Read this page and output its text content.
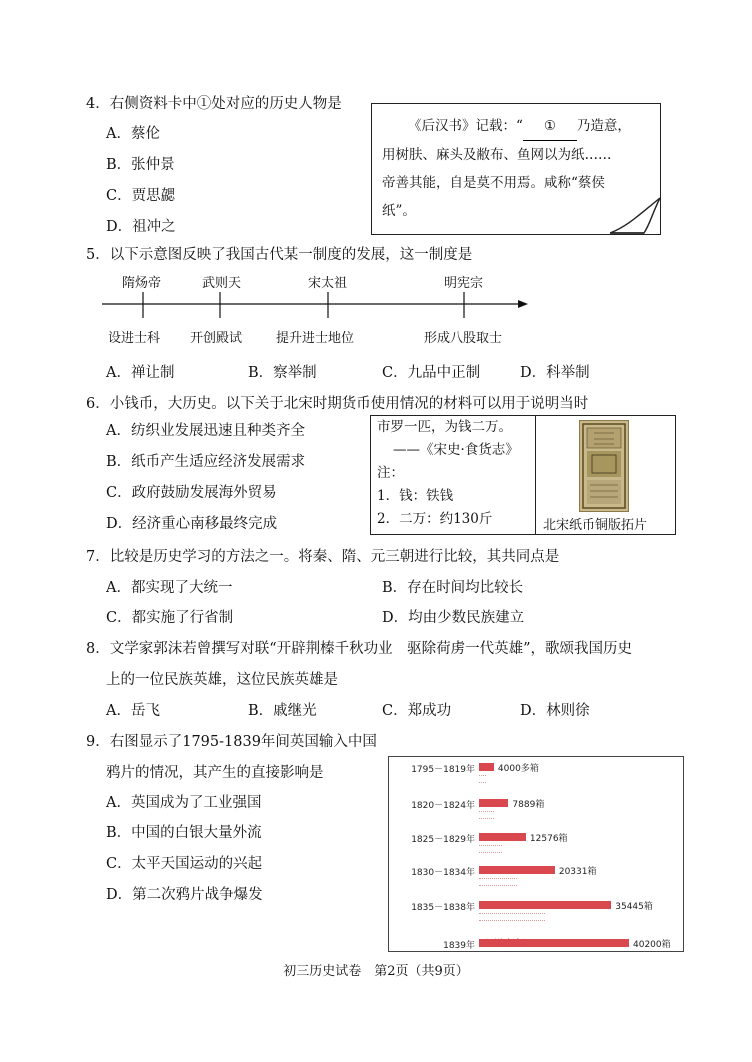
4．右侧资料卡中①处对应的历史人物是
A．蔡伦
B．张仲景
C．贾思勰
D．祖冲之

《后汉书》记载：“ ① 乃造意，

用树肤、麻头及敝布、鱼网以为纸……

帝善其能，自是莫不用焉。咸称“蔡侯

纸”。

5．以下示意图反映了我国古代某一制度的发展，这一制度是
隋炀帝	武则天	宋太祖	明宪宗
设进士科 开创殿试	提升进士地位	形成八股取士
A．禅让制	B．察举制	C．九品中正制	D．科举制
6．小钱币，大历史。以下关于北宋时期货币使用情况的材料可以用于说明当时
A．纺织业发展迅速且种类齐全
B．纸币产生适应经济发展需求
C．政府鼓励发展海外贸易
D．经济重心南移最终完成
市罗一匹，为钱二万。
——《宋史·食货志》
注：
1．钱：铁钱
2．二万：约130斤	北宋纸币铜版拓片
7．比较是历史学习的方法之一。将秦、隋、元三朝进行比较，其共同点是
A．都实现了大统一	B．存在时间均比较长
C．都实施了行省制	D．均由少数民族建立
8．文学家郭沫若曾撰写对联“开辟荆榛千秋功业　驱除荷虏一代英雄”，歌颂我国历史
上的一位民族英雄，这位民族英雄是
A．岳飞	B．戚继光	C．郑成功	D．林则徐
9．右图显示了1795-1839年间英国输入中国
鸦片的情况，其产生的直接影响是
A．英国成为了工业强国
B．中国的白银大量外流
C．太平天国运动的兴起
D．第二次鸦片战争爆发
1795－1819年	4000多箱
1820－1824年	7889箱
1825－1829年	12576箱
1830－1834年	20331箱
1835－1838年	35445箱
1839年	40200箱
（平均每年）
初三历史试卷　第2页（共9页）
